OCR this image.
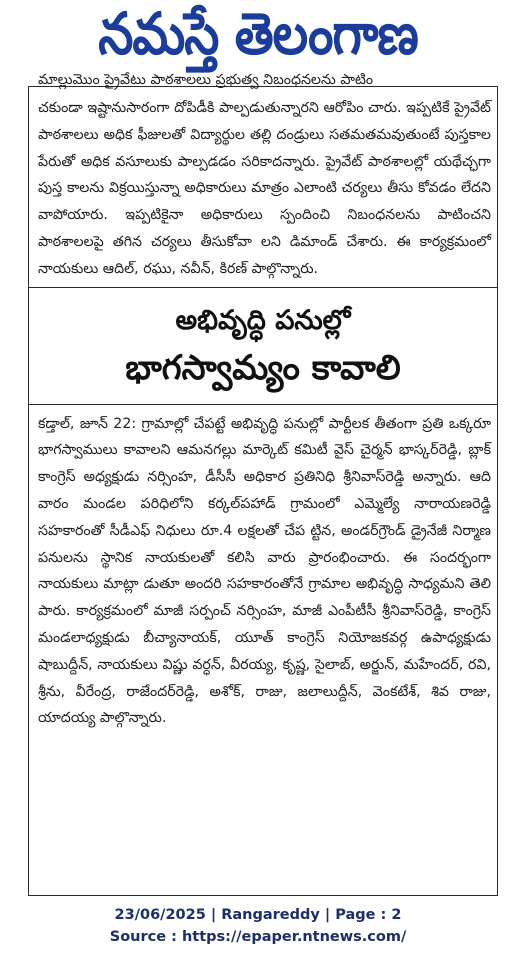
నమస్తే తెలంగాణ
మాల్లుమొం ప్రైవేటు పాఠశాలలు ప్రభుత్వ నిబంధనలను పాటిం

చకుండా ఇష్టానుసారంగా దోపిడీకి పాల్పడుతున్నారని ఆరోపిం చారు. ఇప్పటికే ప్రైవేట్ పాఠశాలలు అధిక ఫీజులతో విద్యార్థుల తల్లి దండ్రులు సతమతమవుతుంటే పుస్తకాల పేరుతో అధిక వసూలుకు పాల్పడడం సరికాదన్నారు. ప్రైవేట్ పాఠశాలల్లో యథేచ్ఛగా పుస్త కాలను విక్రయిస్తున్నా అధికారులు మాత్రం ఎలాంటి చర్యలు తీసు కోవడం లేదని వాపోయారు. ఇప్పటికైనా అధికారులు స్పందించి నిబంధనలను పాటించని పాఠశాలలపై తగిన చర్యలు తీసుకోవా లని డిమాండ్ చేశారు. ఈ కార్యక్రమంలో నాయకులు ఆదిల్, రఘు, నవీన్, కిరణ్ పాల్గొన్నారు.

అభివృద్ధి పనుల్లో
భాగస్వామ్యం కావాలి

కడ్తాల్, జూన్ 22: గ్రామాల్లో చేపట్టే అభివృద్ధి పనుల్లో పార్టీలక తీతంగా ప్రతి ఒక్కరూ భాగస్వాములు కావాలని ఆమనగల్లు మార్కెట్ కమిటీ వైస్ చైర్మన్ భాస్కర్‌రెడ్డి, బ్లాక్ కాంగ్రెస్ అధ్యక్షుడు నర్సింహ, డీసీసీ అధికార ప్రతినిధి శ్రీనివాస్‌రెడ్డి అన్నారు. ఆది వారం మండల పరిధిలోని కర్కల్‌పహాడ్ గ్రామంలో ఎమ్మెల్యే నారాయణరెడ్డి సహకారంతో సీడీఎఫ్ నిధులు రూ.4 లక్షలతో చేప ట్టిన, అండర్‌గ్రౌండ్ డ్రైనేజీ నిర్మాణ పనులను స్థానిక నాయకులతో కలిసి వారు ప్రారంభించారు. ఈ సందర్భంగా నాయకులు మాట్లా డుతూ అందరి సహకారంతోనే గ్రామాల అభివృద్ధి సాధ్యమని తెలి పారు. కార్యక్రమంలో మాజీ సర్పంచ్ నర్సింహ, మాజీ ఎంపీటీసీ శ్రీనివాస్‌రెడ్డి, కాంగ్రెస్ మండలాధ్యక్షుడు బీచ్యానాయక్, యూత్ కాంగ్రెస్ నియోజకవర్గ ఉపాధ్యక్షుడు షాబుద్దీన్, నాయకులు విష్ణు వర్ధన్, వీరయ్య, కృష్ణ, సైలాబ్, అర్జున్, మహేందర్, రవి, శ్రీను, వీరేంద్ర, రాజేందర్‌రెడ్డి, అశోక్, రాజు, జలాలుద్దీన్, వెంకటేశ్, శివ రాజు, యాదయ్య పాల్గొన్నారు.

23/06/2025 | Rangareddy | Page : 2
Source : https://epaper.ntnews.com/
